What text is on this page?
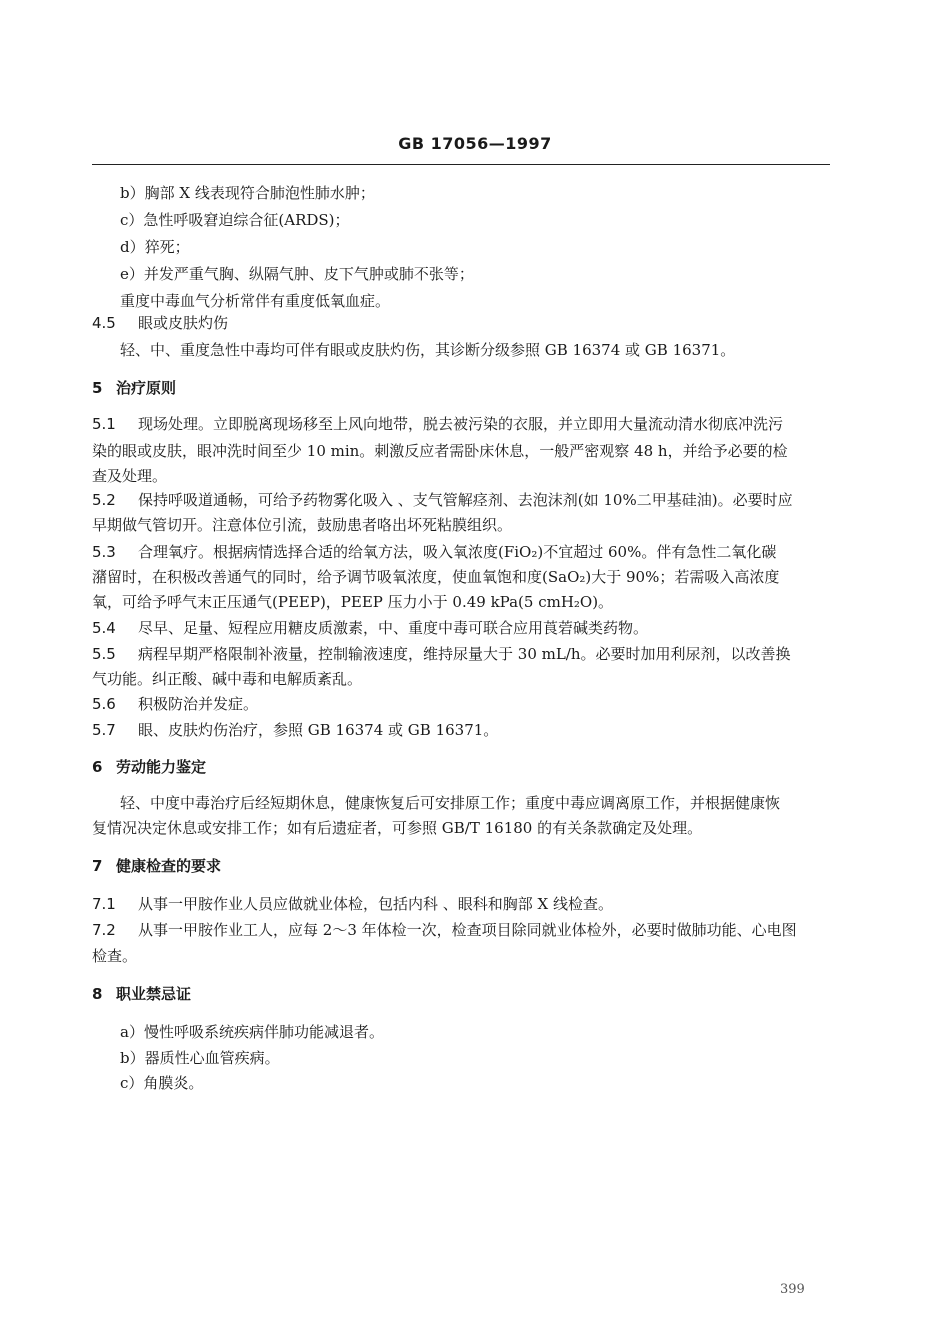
GB 17056—1997
b）胸部 X 线表现符合肺泡性肺水肿；
c）急性呼吸窘迫综合征(ARDS)；
d）猝死；
e）并发严重气胸、纵隔气肿、皮下气肿或肺不张等；
重度中毒血气分析常伴有重度低氧血症。
4.5 眼或皮肤灼伤
轻、中、重度急性中毒均可伴有眼或皮肤灼伤，其诊断分级参照 GB 16374 或 GB 16371。
5 治疗原则
5.1 现场处理。立即脱离现场移至上风向地带，脱去被污染的衣服，并立即用大量流动清水彻底冲洗污
染的眼或皮肤，眼冲洗时间至少 10 min。刺激反应者需卧床休息，一般严密观察 48 h，并给予必要的检
查及处理。
5.2 保持呼吸道通畅，可给予药物雾化吸入 、支气管解痉剂、去泡沫剂(如 10%二甲基硅油)。必要时应
早期做气管切开。注意体位引流，鼓励患者咯出坏死粘膜组织。
5.3 合理氧疗。根据病情选择合适的给氧方法，吸入氧浓度(FiO₂)不宜超过 60%。伴有急性二氧化碳
潴留时，在积极改善通气的同时，给予调节吸氧浓度，使血氧饱和度(SaO₂)大于 90%；若需吸入高浓度
氧，可给予呼气末正压通气(PEEP)，PEEP 压力小于 0.49 kPa(5 cmH₂O)。
5.4 尽早、足量、短程应用糖皮质激素，中、重度中毒可联合应用莨菪碱类药物。
5.5 病程早期严格限制补液量，控制输液速度，维持尿量大于 30 mL/h。必要时加用利尿剂，以改善换
气功能。纠正酸、碱中毒和电解质紊乱。
5.6 积极防治并发症。
5.7 眼、皮肤灼伤治疗，参照 GB 16374 或 GB 16371。
6 劳动能力鉴定
轻、中度中毒治疗后经短期休息，健康恢复后可安排原工作；重度中毒应调离原工作，并根据健康恢
复情况决定休息或安排工作；如有后遗症者，可参照 GB/T 16180 的有关条款确定及处理。
7 健康检查的要求
7.1 从事一甲胺作业人员应做就业体检，包括内科 、眼科和胸部 X 线检查。
7.2 从事一甲胺作业工人，应每 2～3 年体检一次，检查项目除同就业体检外，必要时做肺功能、心电图
检查。
8 职业禁忌证
a）慢性呼吸系统疾病伴肺功能减退者。
b）器质性心血管疾病。
c）角膜炎。
399
